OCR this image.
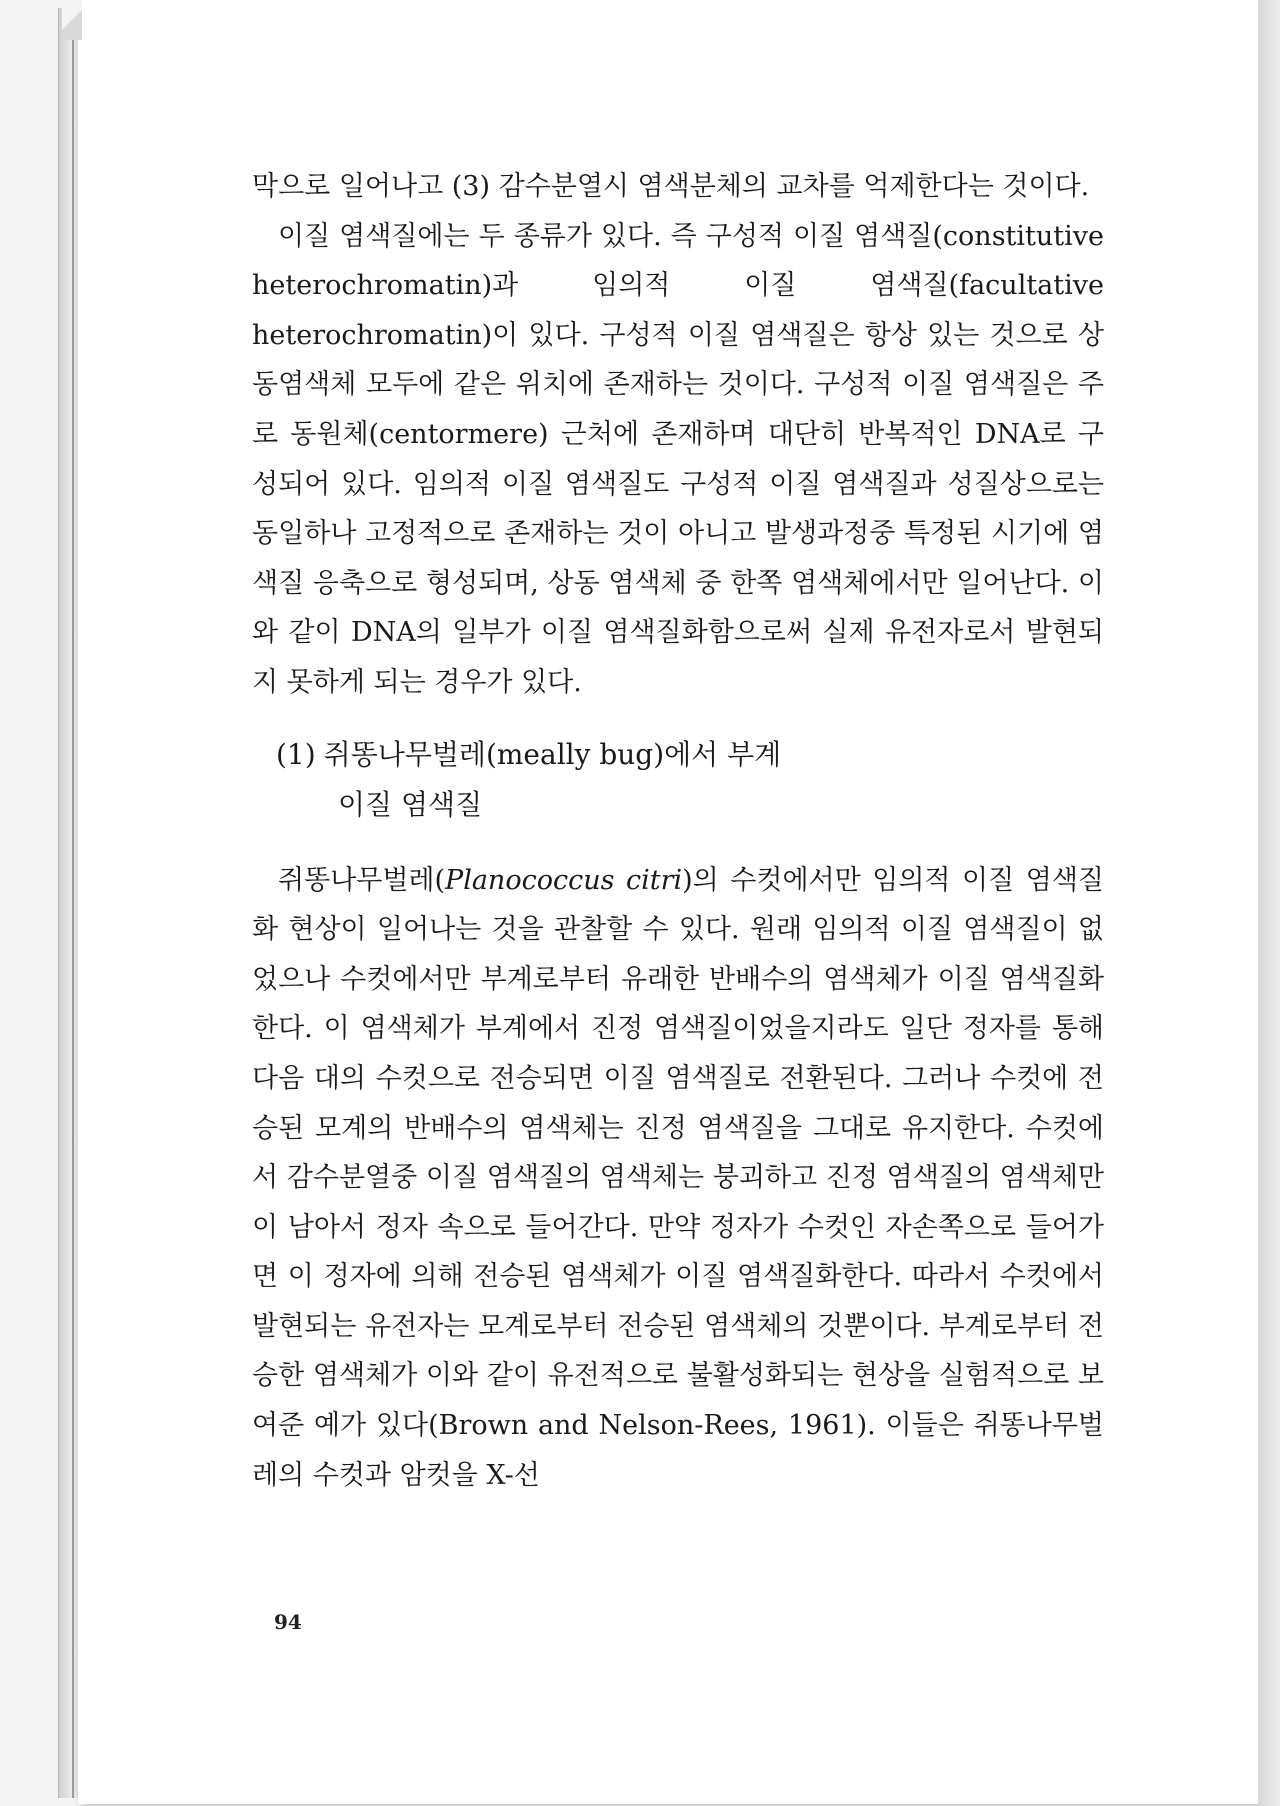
막으로 일어나고 (3) 감수분열시 염색분체의 교차를 억제한다는 것이다.

이질 염색질에는 두 종류가 있다. 즉 구성적 이질 염색질(constitutive heterochromatin)과 임의적 이질 염색질(facultative heterochromatin)이 있다. 구성적 이질 염색질은 항상 있는 것으로 상동염색체 모두에 같은 위치에 존재하는 것이다. 구성적 이질 염색질은 주로 동원체(centormere) 근처에 존재하며 대단히 반복적인 DNA로 구성되어 있다. 임의적 이질 염색질도 구성적 이질 염색질과 성질상으로는 동일하나 고정적으로 존재하는 것이 아니고 발생과정중 특정된 시기에 염색질 응축으로 형성되며, 상동 염색체 중 한쪽 염색체에서만 일어난다. 이와 같이 DNA의 일부가 이질 염색질화함으로써 실제 유전자로서 발현되지 못하게 되는 경우가 있다.

(1) 쥐똥나무벌레(meally bug)에서 부계
이질 염색질

쥐똥나무벌레(Planococcus citri)의 수컷에서만 임의적 이질 염색질화 현상이 일어나는 것을 관찰할 수 있다. 원래 임의적 이질 염색질이 없었으나 수컷에서만 부계로부터 유래한 반배수의 염색체가 이질 염색질화한다. 이 염색체가 부계에서 진정 염색질이었을지라도 일단 정자를 통해 다음 대의 수컷으로 전승되면 이질 염색질로 전환된다. 그러나 수컷에 전승된 모계의 반배수의 염색체는 진정 염색질을 그대로 유지한다. 수컷에서 감수분열중 이질 염색질의 염색체는 붕괴하고 진정 염색질의 염색체만이 남아서 정자 속으로 들어간다. 만약 정자가 수컷인 자손쪽으로 들어가면 이 정자에 의해 전승된 염색체가 이질 염색질화한다. 따라서 수컷에서 발현되는 유전자는 모계로부터 전승된 염색체의 것뿐이다. 부계로부터 전승한 염색체가 이와 같이 유전적으로 불활성화되는 현상을 실험적으로 보여준 예가 있다(Brown and Nelson-Rees, 1961). 이들은 쥐똥나무벌레의 수컷과 암컷을 X-선

94
